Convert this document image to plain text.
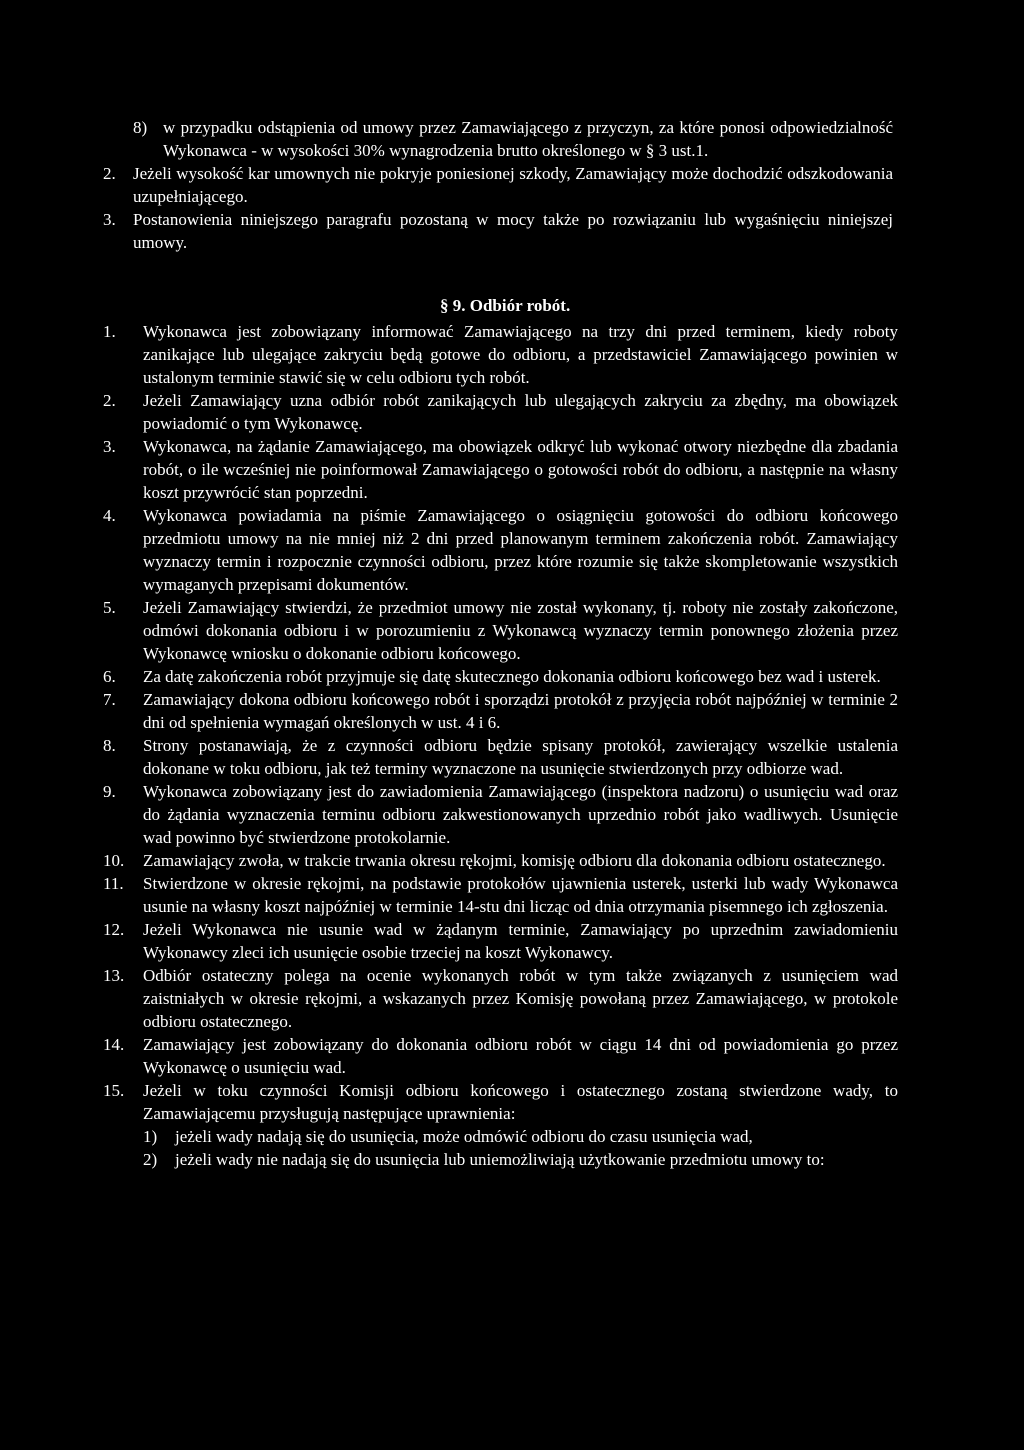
8) w przypadku odstąpienia od umowy przez Zamawiającego z przyczyn, za które ponosi odpowiedzialność Wykonawca - w wysokości 30% wynagrodzenia brutto określonego w § 3 ust.1.
2.	Jeżeli wysokość kar umownych nie pokryje poniesionej szkody, Zamawiający może dochodzić odszkodowania uzupełniającego.
3.	Postanowienia niniejszego paragrafu pozostaną w mocy także po rozwiązaniu lub wygaśnięciu niniejszej umowy.
§ 9. Odbiór robót.
1.	Wykonawca jest zobowiązany informować Zamawiającego na trzy dni przed terminem, kiedy roboty zanikające lub ulegające zakryciu będą gotowe do odbioru, a przedstawiciel Zamawiającego powinien w ustalonym terminie stawić się w celu odbioru tych robót.
2.	Jeżeli Zamawiający uzna odbiór robót zanikających lub ulegających zakryciu za zbędny, ma obowiązek powiadomić o tym Wykonawcę.
3.	Wykonawca, na żądanie Zamawiającego, ma obowiązek odkryć lub wykonać otwory niezbędne dla zbadania robót, o ile wcześniej nie poinformował Zamawiającego o gotowości robót do odbioru, a następnie na własny koszt przywrócić stan poprzedni.
4.	Wykonawca powiadamia na piśmie Zamawiającego o osiągnięciu gotowości do odbioru końcowego przedmiotu umowy na nie mniej niż 2 dni przed planowanym terminem zakończenia robót. Zamawiający wyznaczy termin i rozpocznie czynności odbioru, przez które rozumie się także skompletowanie wszystkich wymaganych przepisami dokumentów.
5.	Jeżeli Zamawiający stwierdzi, że przedmiot umowy nie został wykonany, tj. roboty nie zostały zakończone, odmówi dokonania odbioru i w porozumieniu z Wykonawcą wyznaczy termin ponownego złożenia przez Wykonawcę wniosku o dokonanie odbioru końcowego.
6.	Za datę zakończenia robót przyjmuje się datę skutecznego dokonania odbioru końcowego bez wad i usterek.
7.	Zamawiający dokona odbioru końcowego robót i sporządzi protokół z przyjęcia robót najpóźniej w terminie 2 dni od spełnienia wymagań określonych w ust. 4 i 6.
8.	Strony postanawiają, że z czynności odbioru będzie spisany protokół, zawierający wszelkie ustalenia dokonane w toku odbioru, jak też terminy wyznaczone na usunięcie stwierdzonych przy odbiorze wad.
9.	Wykonawca zobowiązany jest do zawiadomienia Zamawiającego (inspektora nadzoru) o usunięciu wad oraz do żądania wyznaczenia terminu odbioru zakwestionowanych uprzednio robót jako wadliwych. Usunięcie wad powinno być stwierdzone protokolarnie.
10.	Zamawiający zwoła, w trakcie trwania okresu rękojmi, komisję odbioru dla dokonania odbioru ostatecznego.
11.	Stwierdzone w okresie rękojmi, na podstawie protokołów ujawnienia usterek, usterki lub wady Wykonawca usunie na własny koszt najpóźniej w terminie 14-stu dni licząc od dnia otrzymania pisemnego ich zgłoszenia.
12.	Jeżeli Wykonawca nie usunie wad w żądanym terminie, Zamawiający po uprzednim zawiadomieniu Wykonawcy zleci ich usunięcie osobie trzeciej na koszt Wykonawcy.
13.	Odbiór ostateczny polega na ocenie wykonanych robót w tym także związanych z usunięciem wad zaistniałych w okresie rękojmi, a wskazanych przez Komisję powołaną przez Zamawiającego, w protokole odbioru ostatecznego.
14.	Zamawiający jest zobowiązany do dokonania odbioru robót w ciągu 14 dni od powiadomienia go przez Wykonawcę o usunięciu wad.
15.	Jeżeli w toku czynności Komisji odbioru końcowego i ostatecznego zostaną stwierdzone wady, to Zamawiającemu przysługują następujące uprawnienia:
1)	jeżeli wady nadają się do usunięcia, może odmówić odbioru do czasu usunięcia wad,
2)	jeżeli wady nie nadają się do usunięcia lub uniemożliwiają użytkowanie przedmiotu umowy to:
